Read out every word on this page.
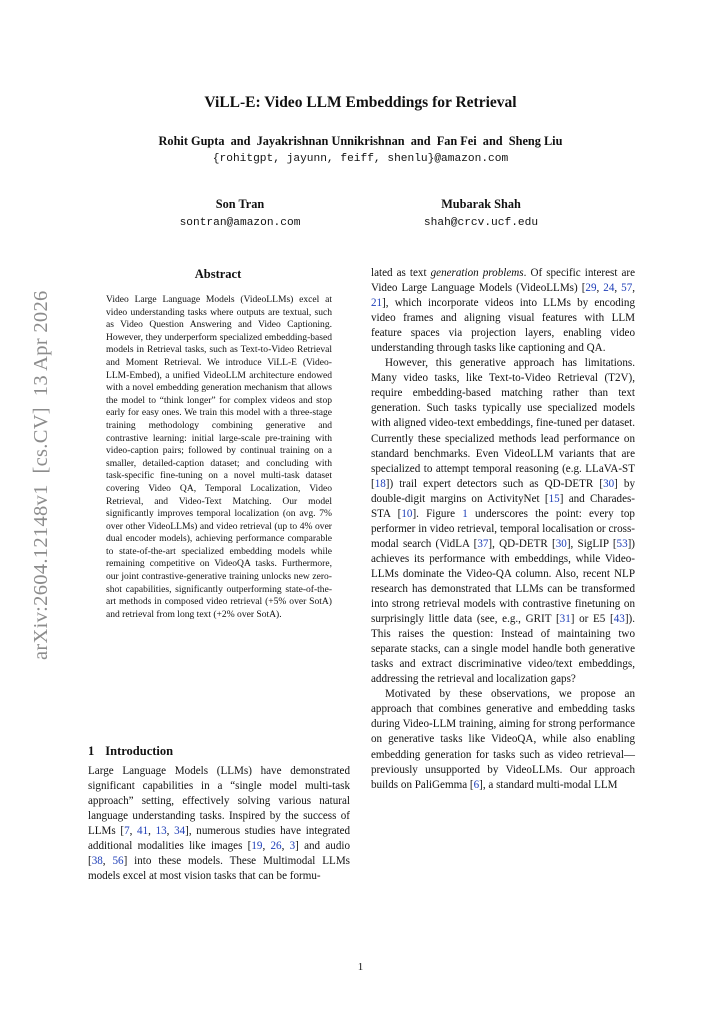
ViLL-E: Video LLM Embeddings for Retrieval
Rohit Gupta  and  Jayakrishnan Unnikrishnan  and  Fan Fei  and  Sheng Liu
{rohitgpt, jayunn, feiff, shenlu}@amazon.com
Son Tran
sontran@amazon.com
Mubarak Shah
shah@crcv.ucf.edu
arXiv:2604.12148v1  [cs.CV]  13 Apr 2026
Abstract
Video Large Language Models (VideoLLMs) excel at video understanding tasks where outputs are textual, such as Video Question Answering and Video Captioning. However, they underperform specialized embedding-based models in Retrieval tasks, such as Text-to-Video Retrieval and Moment Retrieval. We introduce ViLL-E (Video-LLM-Embed), a unified VideoLLM architecture endowed with a novel embedding generation mechanism that allows the model to “think longer” for complex videos and stop early for easy ones. We train this model with a three-stage training methodology combining generative and contrastive learning: initial large-scale pre-training with video-caption pairs; followed by continual training on a smaller, detailed-caption dataset; and concluding with task-specific fine-tuning on a novel multi-task dataset covering Video QA, Temporal Localization, Video Retrieval, and Video-Text Matching. Our model significantly improves temporal localization (on avg. 7% over other VideoLLMs) and video retrieval (up to 4% over dual encoder models), achieving performance comparable to state-of-the-art specialized embedding models while remaining competitive on VideoQA tasks. Furthermore, our joint contrastive-generative training unlocks new zero-shot capabilities, significantly outperforming state-of-the-art methods in composed video retrieval (+5% over SotA) and retrieval from long text (+2% over SotA).
1 Introduction

Large Language Models (LLMs) have demonstrated significant capabilities in a “single model multi-task approach” setting, effectively solving various natural language understanding tasks. Inspired by the success of LLMs [7, 41, 13, 34], numerous studies have integrated additional modalities like images [19, 26, 3] and audio [38, 56] into these models. These Multimodal LLMs models excel at most vision tasks that can be formu-

lated as text generation problems. Of specific interest are Video Large Language Models (VideoLLMs) [29, 24, 57, 21], which incorporate videos into LLMs by encoding video frames and aligning visual features with LLM feature spaces via projection layers, enabling video understanding through tasks like captioning and QA.

However, this generative approach has limitations. Many video tasks, like Text-to-Video Retrieval (T2V), require embedding-based matching rather than text generation. Such tasks typically use specialized models with aligned video-text embeddings, fine-tuned per dataset. Currently these specialized methods lead performance on standard benchmarks. Even VideoLLM variants that are specialized to attempt temporal reasoning (e.g. LLaVA-ST [18]) trail expert detectors such as QD-DETR [30] by double-digit margins on ActivityNet [15] and Charades-STA [10]. Figure 1 underscores the point: every top performer in video retrieval, temporal localisation or cross-modal search (VidLA [37], QD-DETR [30], SigLIP [53]) achieves its performance with embeddings, while Video-LLMs dominate the Video-QA column. Also, recent NLP research has demonstrated that LLMs can be transformed into strong retrieval models with contrastive finetuning on surprisingly little data (see, e.g., GRIT [31] or E5 [43]). This raises the question: Instead of maintaining two separate stacks, can a single model handle both generative tasks and extract discriminative video/text embeddings, addressing the retrieval and localization gaps?

Motivated by these observations, we propose an approach that combines generative and embedding tasks during Video-LLM training, aiming for strong performance on generative tasks like VideoQA, while also enabling embedding generation for tasks such as video retrieval—previously unsupported by VideoLLMs. Our approach builds on PaliGemma [6], a standard multi-modal LLM

1
